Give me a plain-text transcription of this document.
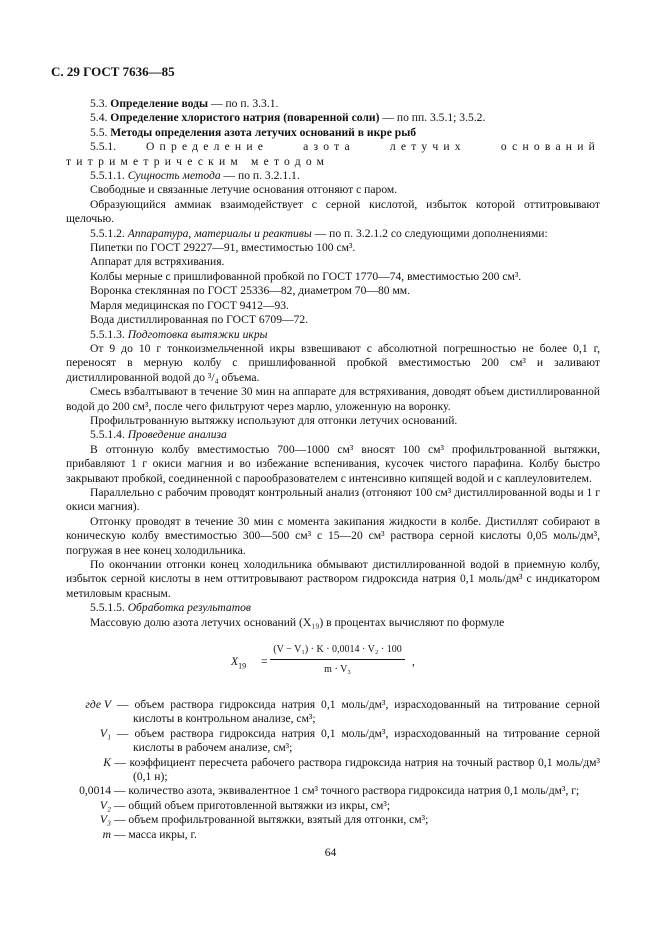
С. 29 ГОСТ 7636—85

5.3. Определение воды — по п. 3.3.1.

5.4. Определение хлористого натрия (поваренной соли) — по пп. 3.5.1; 3.5.2.

5.5. Методы определения азота летучих оснований в икре рыб

5.5.1. Определение азота летучих оснований титриметрическим методом

5.5.1.1. Сущность метода — по п. 3.2.1.1.

Свободные и связанные летучие основания отгоняют с паром.

Образующийся аммиак взаимодействует с серной кислотой, избыток которой оттитровывают щелочью.

5.5.1.2. Аппаратура, материалы и реактивы — по п. 3.2.1.2 со следующими дополнениями:

Пипетки по ГОСТ 29227—91, вместимостью 100 см³.

Аппарат для встряхивания.

Колбы мерные с пришлифованной пробкой по ГОСТ 1770—74, вместимостью 200 см³.

Воронка стеклянная по ГОСТ 25336—82, диаметром 70—80 мм.

Марля медицинская по ГОСТ 9412—93.

Вода дистиллированная по ГОСТ 6709—72.

5.5.1.3. Подготовка вытяжки икры

От 9 до 10 г тонкоизмельченной икры взвешивают с абсолютной погрешностью не более 0,1 г, переносят в мерную колбу с пришлифованной пробкой вместимостью 200 см³ и заливают дистиллированной водой до ³/₄ объема.

Смесь взбалтывают в течение 30 мин на аппарате для встряхивания, доводят объем дистиллированной водой до 200 см³, после чего фильтруют через марлю, уложенную на воронку.

Профильтрованную вытяжку используют для отгонки летучих оснований.

5.5.1.4. Проведение анализа

В отгонную колбу вместимостью 700—1000 см³ вносят 100 см³ профильтрованной вытяжки, прибавляют 1 г окиси магния и во избежание вспенивания, кусочек чистого парафина. Колбу быстро закрывают пробкой, соединенной с парообразователем с интенсивно кипящей водой и с каплеуловителем.

Параллельно с рабочим проводят контрольный анализ (отгоняют 100 см³ дистиллированной воды и 1 г окиси магния).

Отгонку проводят в течение 30 мин с момента закипания жидкости в колбе. Дистиллят собирают в коническую колбу вместимостью 300—500 см³ с 15—20 см³ раствора серной кислоты 0,05 моль/дм³, погружая в нее конец холодильника.

По окончании отгонки конец холодильника обмывают дистиллированной водой в приемную колбу, избыток серной кислоты в нем оттитровывают раствором гидроксида натрия 0,1 моль/дм³ с индикатором метиловым красным.

5.5.1.5. Обработка результатов

Массовую долю азота летучих оснований (X₁₉) в процентах вычисляют по формуле

$X_{19}$ =
(V − V₁) · K · 0,0014 · V₂ · 100
m · V₃
,
где V — объем раствора гидроксида натрия 0,1 моль/дм³, израсходованный на титрование серной кислоты в контрольном анализе, см³;
V₁ — объем раствора гидроксида натрия 0,1 моль/дм³, израсходованный на титрование серной кислоты в рабочем анализе, см³;
K — коэффициент пересчета рабочего раствора гидроксида натрия на точный раствор 0,1 моль/дм³ (0,1 н);
0,0014 — количество азота, эквивалентное 1 см³ точного раствора гидроксида натрия 0,1 моль/дм³, г;
V₂ — общий объем приготовленной вытяжки из икры, см³;
V₃ — объем профильтрованной вытяжки, взятый для отгонки, см³;
m — масса икры, г.
64
